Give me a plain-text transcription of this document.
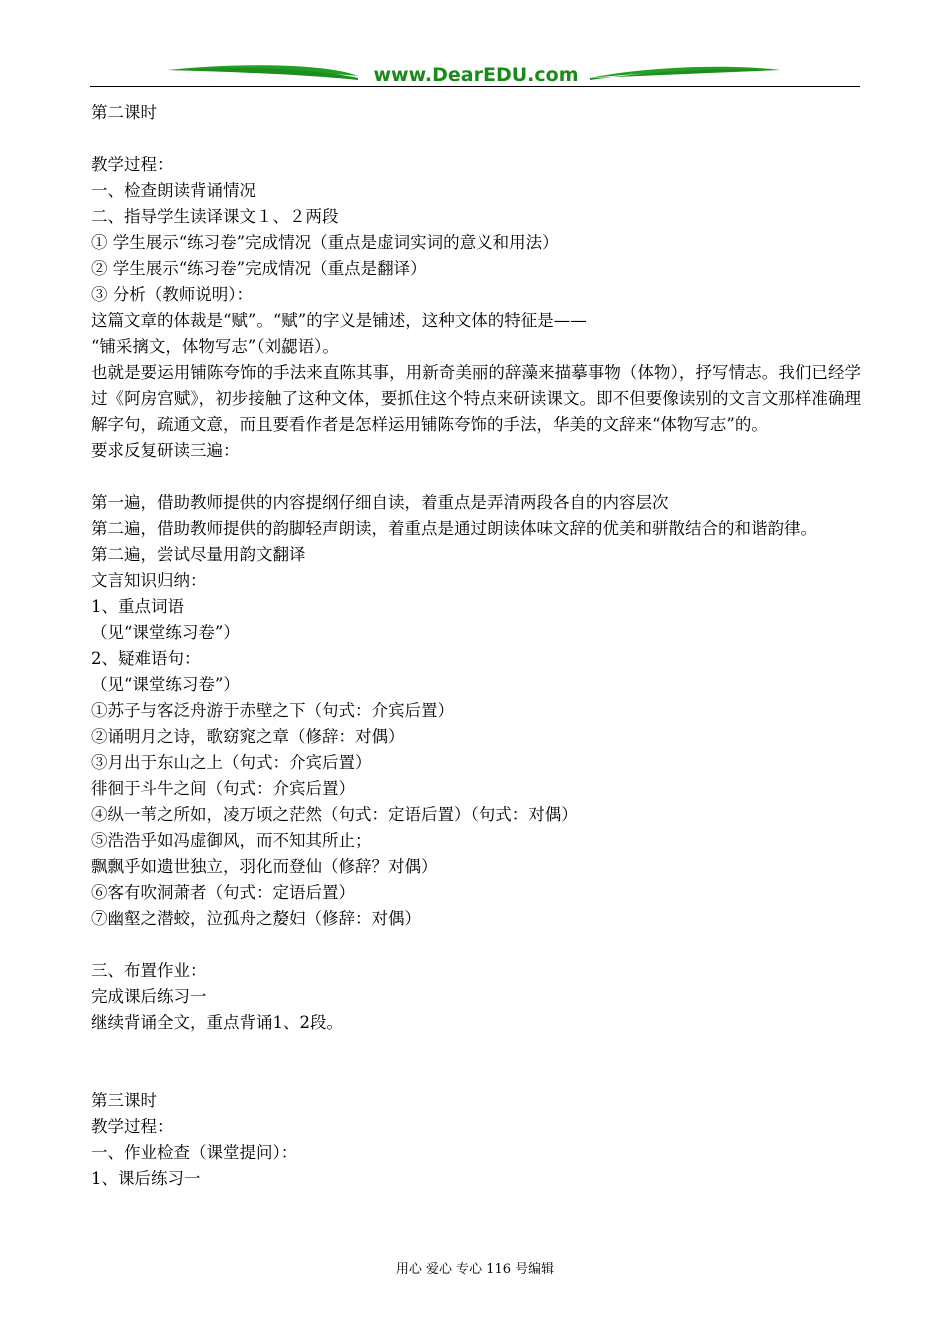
www.DearEDU.com
第二课时
教学过程：
一、检查朗读背诵情况
二、指导学生读译课文１、２两段
① 学生展示“练习卷”完成情况（重点是虚词实词的意义和用法）
② 学生展示“练习卷”完成情况（重点是翻译）
③ 分析（教师说明）：
这篇文章的体裁是“赋”。“赋”的字义是铺述，这种文体的特征是——
“铺采摛文，体物写志”（刘勰语）。
也就是要运用铺陈夸饰的手法来直陈其事，用新奇美丽的辞藻来描摹事物（体物），抒写情志。我们已经学过《阿房宫赋》，初步接触了这种文体，要抓住这个特点来研读课文。即不但要像读别的文言文那样准确理解字句，疏通文意，而且要看作者是怎样运用铺陈夸饰的手法，华美的文辞来“体物写志”的。
要求反复研读三遍：
第一遍，借助教师提供的内容提纲仔细自读，着重点是弄清两段各自的内容层次
第二遍，借助教师提供的韵脚轻声朗读，着重点是通过朗读体味文辞的优美和骈散结合的和谐韵律。
第二遍，尝试尽量用韵文翻译
文言知识归纳：
1、重点词语
（见“课堂练习卷”）
2、疑难语句：
（见“课堂练习卷”）
①苏子与客泛舟游于赤壁之下（句式：介宾后置）
②诵明月之诗，歌窈窕之章（修辞：对偶）
③月出于东山之上（句式：介宾后置）
徘徊于斗牛之间（句式：介宾后置）
④纵一苇之所如，凌万顷之茫然（句式：定语后置）（句式：对偶）
⑤浩浩乎如冯虚御风，而不知其所止；
飘飘乎如遗世独立，羽化而登仙（修辞？对偶）
⑥客有吹洞萧者（句式：定语后置）
⑦幽壑之潜蛟，泣孤舟之嫠妇（修辞：对偶）
三、布置作业：
完成课后练习一
继续背诵全文，重点背诵1、2段。
第三课时
教学过程：
一、作业检查（课堂提问）：
1、课后练习一
用心 爱心 专心 116 号编辑
